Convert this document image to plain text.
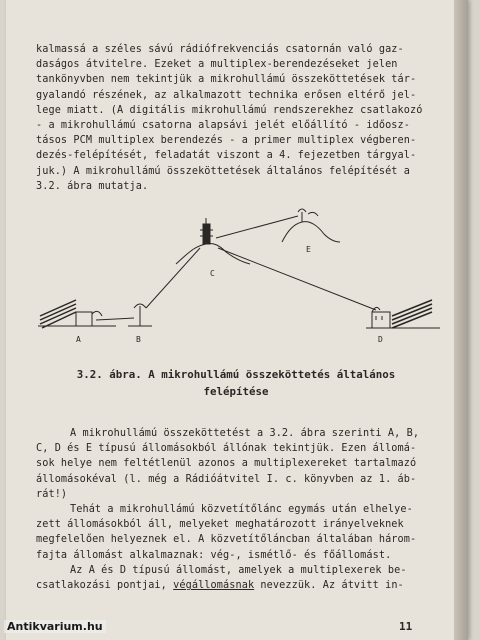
kalmassá a széles sávú rádiófrekvenciás csatornán való gaz-
daságos átvitelre. Ezeket a multiplex-berendezéseket jelen
tankönyvben nem tekintjük a mikrohullámú összeköttetések tár-
gyalandó részének, az alkalmazott technika erősen eltérő jel-
lege miatt. (A digitális mikrohullámú rendszerekhez csatlakozó
- a mikrohullámú csatorna alapsávi jelét előállító - időosz-
tásos PCM multiplex berendezés - a primer multiplex végberen-
dezés-felépítését, feladatát viszont a 4. fejezetben tárgyal-
juk.) A mikrohullámú összeköttetések általános felépítését a
3.2. ábra mutatja.
A	B
C
D
E
3.2. ábra. A mikrohullámú összeköttetés általános
felépítése
A mikrohullámú összeköttetést a 3.2. ábra szerinti A, B,
C, D és E típusú állomásokból állónak tekintjük. Ezen állomá-
sok helye nem feltétlenül azonos a multiplexereket tartalmazó
állomásokéval (l. még a Rádióátvitel I. c. könyvben az 1. áb-
rát!)
Tehát a mikrohullámú közvetítőlánc egymás után elhelye-
zett állomásokból áll, melyeket meghatározott irányelveknek
megfelelően helyeznek el. A közvetítőláncban általában három-
fajta állomást alkalmaznak: vég-, ismétlő- és főállomást.
Az A és D típusú állomást, amelyek a multiplexerek be-
csatlakozási pontjai, végállomásnak nevezzük. Az átvitt in-
11
Antikvarium.hu
